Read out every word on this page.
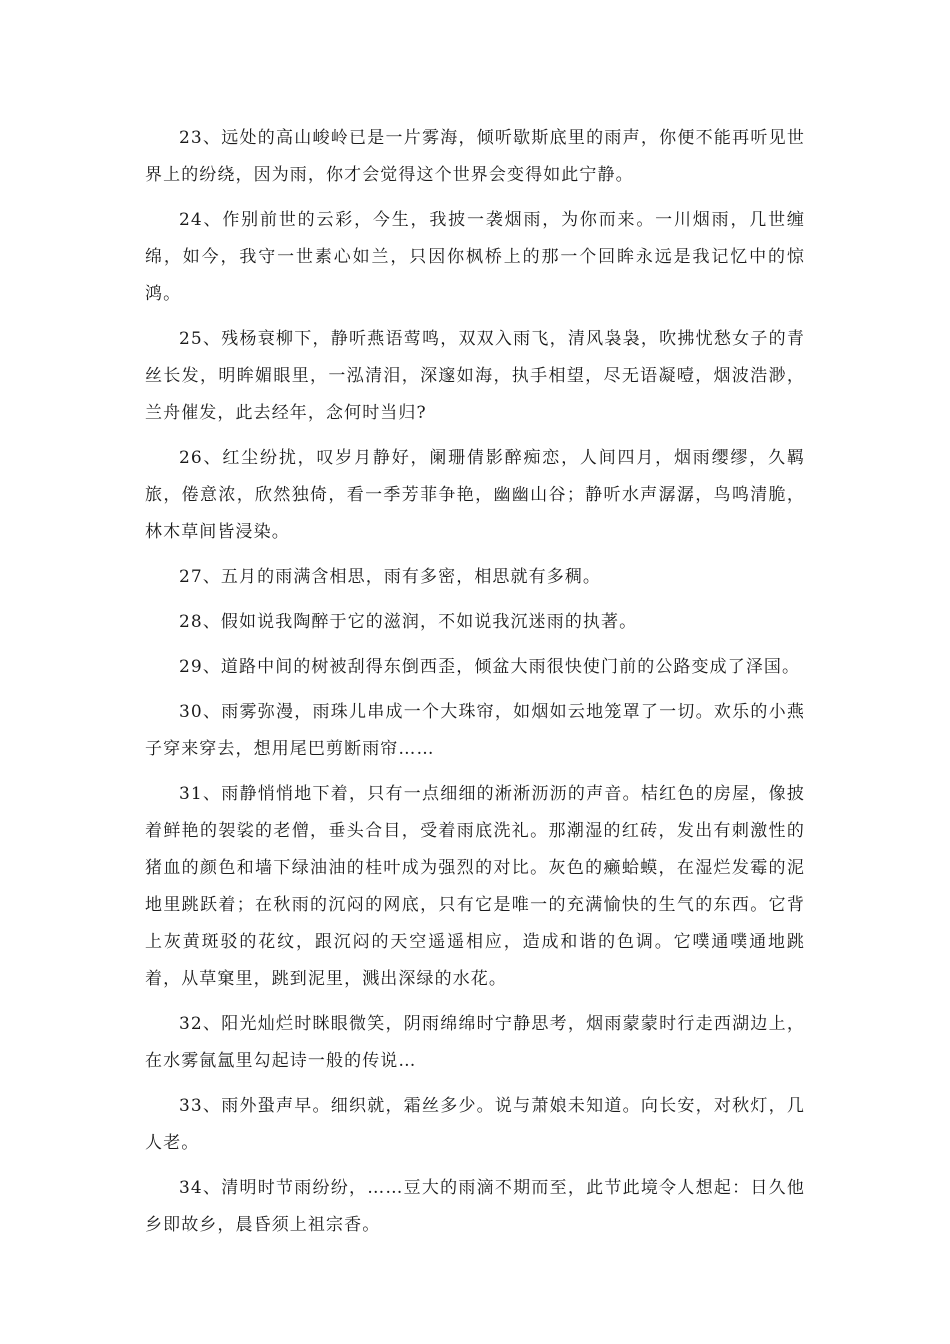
23、远处的高山峻岭已是一片雾海，倾听歇斯底里的雨声，你便不能再听见世界上的纷绕，因为雨，你才会觉得这个世界会变得如此宁静。

24、作别前世的云彩，今生，我披一袭烟雨，为你而来。一川烟雨，几世缠绵，如今，我守一世素心如兰，只因你枫桥上的那一个回眸永远是我记忆中的惊鸿。

25、残杨衰柳下，静听燕语莺鸣，双双入雨飞，清风袅袅，吹拂忧愁女子的青丝长发，明眸媚眼里，一泓清泪，深邃如海，执手相望，尽无语凝噎，烟波浩渺，兰舟催发，此去经年，念何时当归?

26、红尘纷扰，叹岁月静好，阑珊倩影醉痴恋，人间四月，烟雨缨缪，久羁旅，倦意浓，欣然独倚，看一季芳菲争艳，幽幽山谷；静听水声潺潺，鸟鸣清脆，林木草间皆浸染。

27、五月的雨满含相思，雨有多密，相思就有多稠。

28、假如说我陶醉于它的滋润，不如说我沉迷雨的执著。

29、道路中间的树被刮得东倒西歪，倾盆大雨很快使门前的公路变成了泽国。

30、雨雾弥漫，雨珠儿串成一个大珠帘，如烟如云地笼罩了一切。欢乐的小燕子穿来穿去，想用尾巴剪断雨帘……

31、雨静悄悄地下着，只有一点细细的淅淅沥沥的声音。桔红色的房屋，像披着鲜艳的袈裟的老僧，垂头合目，受着雨底洗礼。那潮湿的红砖，发出有刺激性的猪血的颜色和墙下绿油油的桂叶成为强烈的对比。灰色的癞蛤蟆，在湿烂发霉的泥地里跳跃着；在秋雨的沉闷的网底，只有它是唯一的充满愉快的生气的东西。它背上灰黄斑驳的花纹，跟沉闷的天空遥遥相应，造成和谐的色调。它噗通噗通地跳着，从草窠里，跳到泥里，溅出深绿的水花。

32、阳光灿烂时眯眼微笑，阴雨绵绵时宁静思考，烟雨蒙蒙时行走西湖边上，在水雾氤氲里勾起诗一般的传说…

33、雨外蛩声早。细织就，霜丝多少。说与萧娘未知道。向长安，对秋灯，几人老。

34、清明时节雨纷纷，……豆大的雨滴不期而至，此节此境令人想起：日久他乡即故乡，晨昏须上祖宗香。
